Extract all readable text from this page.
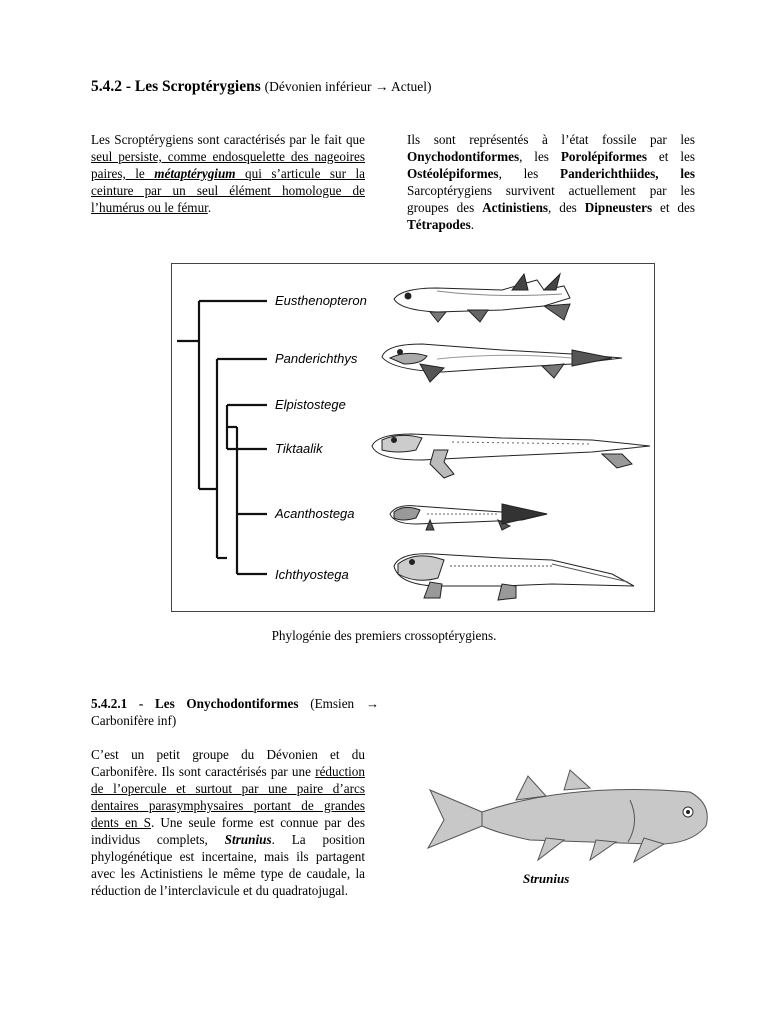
5.4.2 - Les Scroptérygiens (Dévonien inférieur → Actuel)
Les Scroptérygiens sont caractérisés par le fait que seul persiste, comme endosquelette des nageoires paires, le métaptérygium qui s’articule sur la ceinture par un seul élément homologue de l’humérus ou le fémur.
Ils sont représentés à l’état fossile par les Onychodontiformes, les Porolépiformes et les Ostéolépiformes, les Panderichthiides, les Sarcoptérygiens survivent actuellement par les groupes des Actinistiens, des Dipneusters et des Tétrapodes.
Eusthenopteron
Panderichthys
Elpistostege
Tiktaalik
Acanthostega
Ichthyostega
Phylogénie des premiers crossoptérygiens.
5.4.2.1 - Les Onychodontiformes (Emsien → Carbonifère inf)
C’est un petit groupe du Dévonien et du Carbonifère. Ils sont caractérisés par une réduction de l’opercule et surtout par une paire d’arcs dentaires parasymphysaires portant de grandes dents en S. Une seule forme est connue par des individus complets, Strunius. La position phylogénétique est incertaine, mais ils partagent avec les Actinistiens le même type de caudale, la réduction de l’interclavicule et du quadratojugal.
Strunius
